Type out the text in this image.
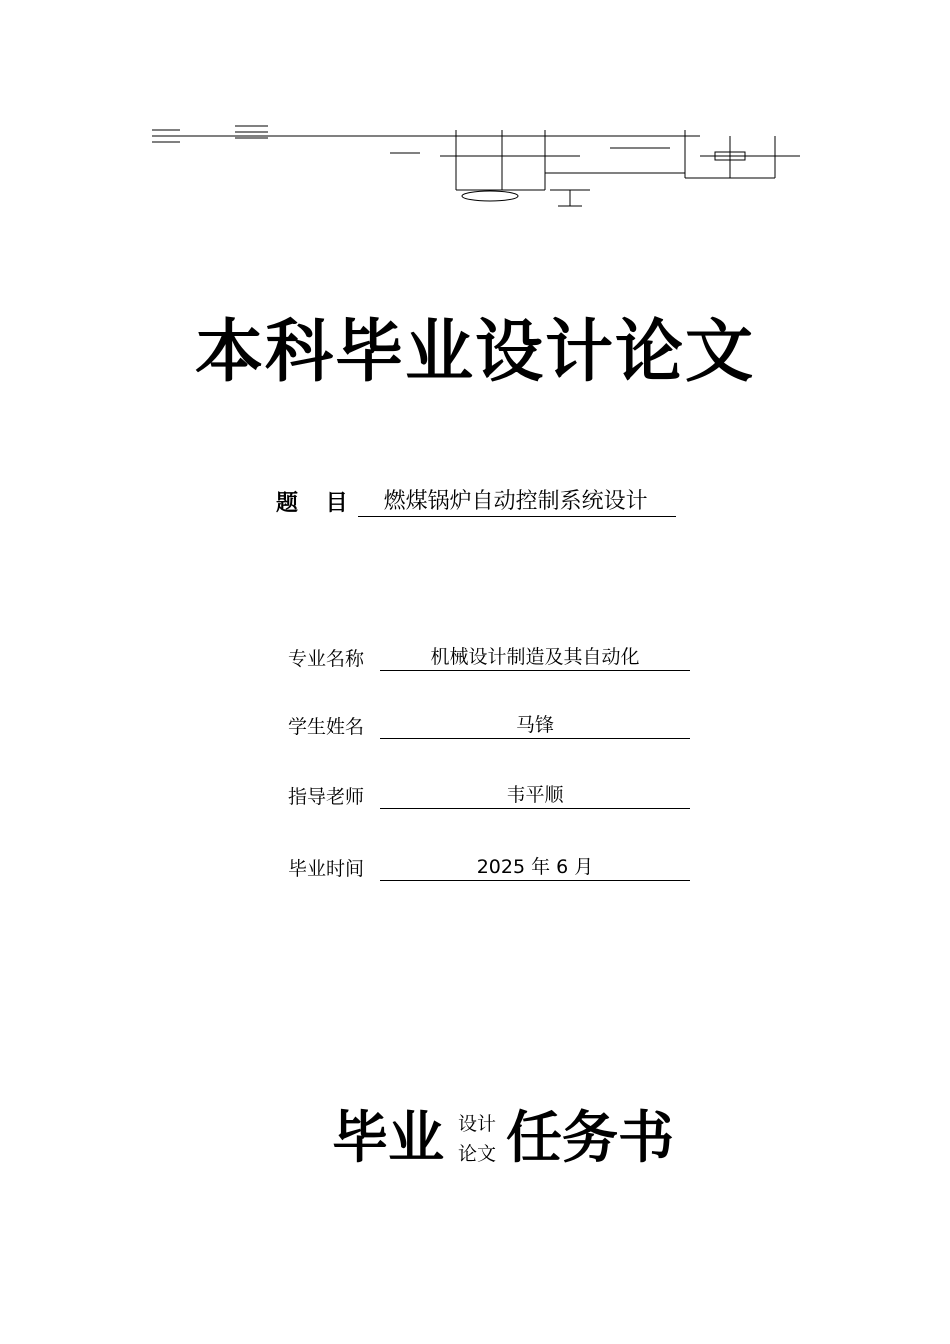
本科毕业设计论文
题 目	燃煤锅炉自动控制系统设计
专业名称	机械设计制造及其自动化
学生姓名	马锋
指导老师	韦平顺
毕业时间	2025 年 6 月
毕业 设计
论文 任务书
